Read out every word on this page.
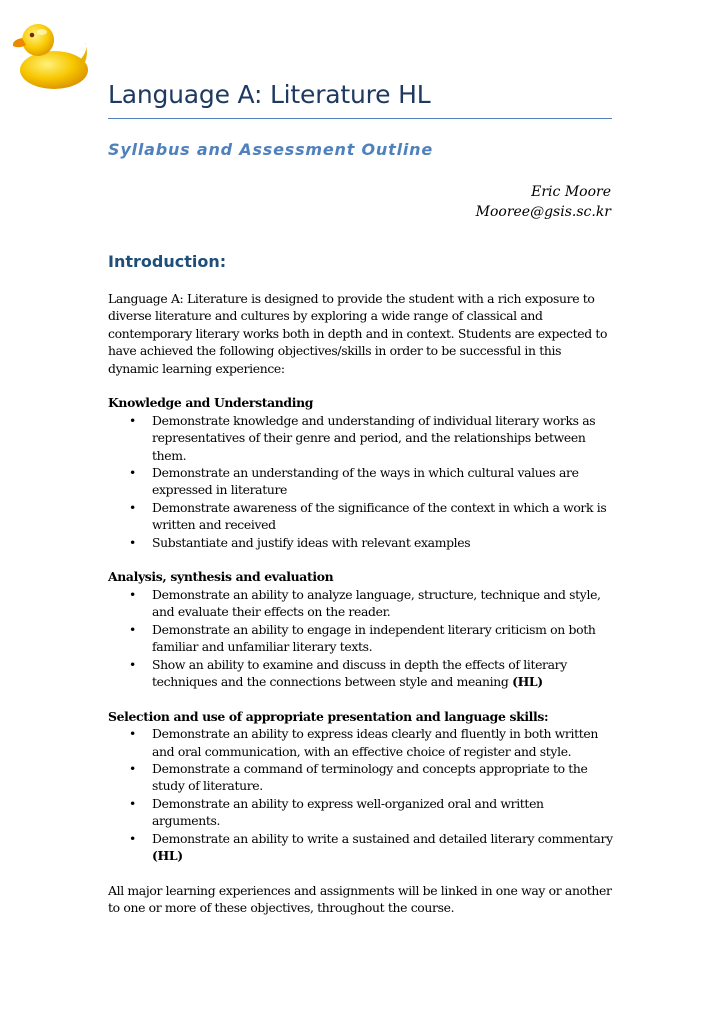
Language A: Literature HL
Syllabus and Assessment Outline
Eric Moore
Mooree@gsis.sc.kr
Introduction:

Language A: Literature is designed to provide the student with a rich exposure to diverse literature and cultures by exploring a wide range of classical and contemporary literary works both in depth and in context. Students are expected to have achieved the following objectives/skills in order to be successful in this dynamic learning experience:

Knowledge and Understanding

• Demonstrate knowledge and understanding of individual literary works as representatives of their genre and period, and the relationships between them.
• Demonstrate an understanding of the ways in which cultural values are expressed in literature
• Demonstrate awareness of the significance of the context in which a work is written and received
• Substantiate and justify ideas with relevant examples

Analysis, synthesis and evaluation

• Demonstrate an ability to analyze language, structure, technique and style, and evaluate their effects on the reader.
• Demonstrate an ability to engage in independent literary criticism on both familiar and unfamiliar literary texts.
• Show an ability to examine and discuss in depth the effects of literary techniques and the connections between style and meaning (HL)

Selection and use of appropriate presentation and language skills:

• Demonstrate an ability to express ideas clearly and fluently in both written and oral communication, with an effective choice of register and style.
• Demonstrate a command of terminology and concepts appropriate to the study of literature.
• Demonstrate an ability to express well-organized oral and written arguments.
• Demonstrate an ability to write a sustained and detailed literary commentary (HL)

All major learning experiences and assignments will be linked in one way or another to one or more of these objectives, throughout the course.
